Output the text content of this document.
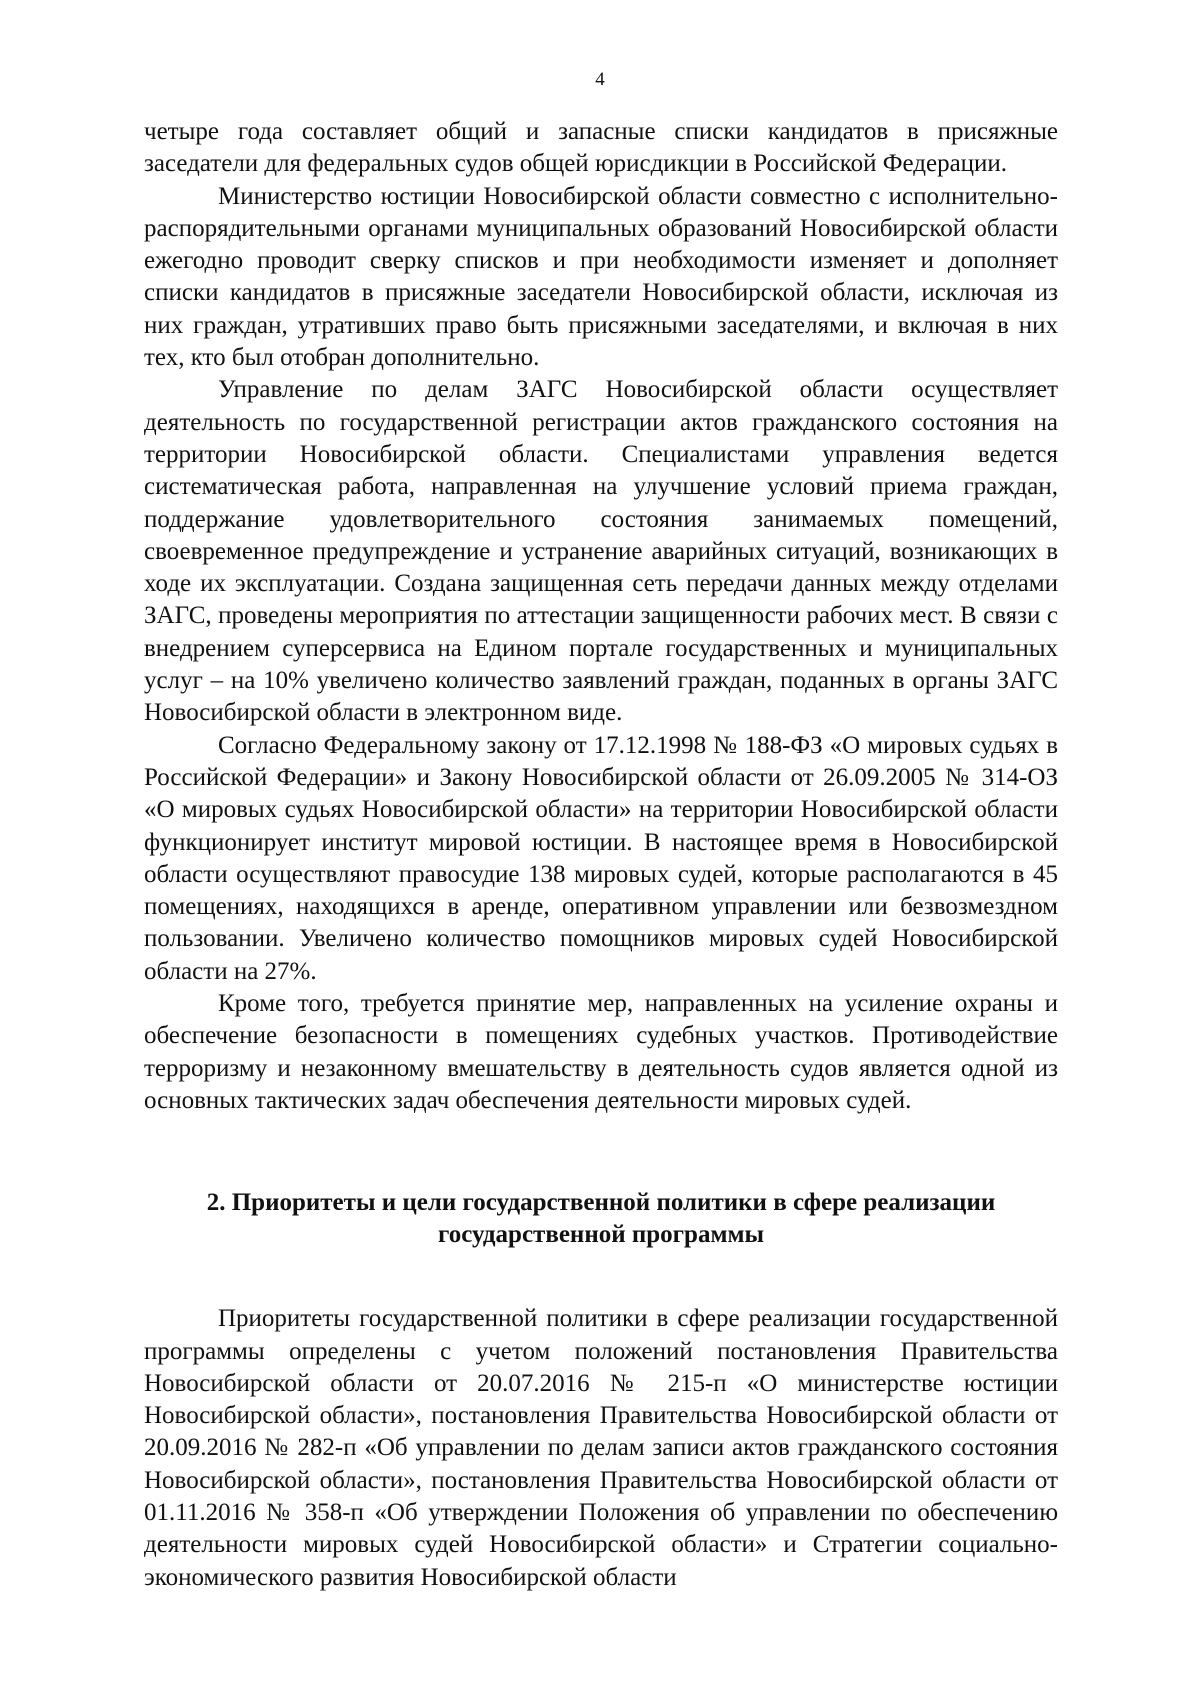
4

четыре года составляет общий и запасные списки кандидатов в присяжные заседатели для федеральных судов общей юрисдикции в Российской Федерации.

Министерство юстиции Новосибирской области совместно с исполнительно-распорядительными органами муниципальных образований Новосибирской области ежегодно проводит сверку списков и при необходимости изменяет и дополняет списки кандидатов в присяжные заседатели Новосибирской области, исключая из них граждан, утративших право быть присяжными заседателями, и включая в них тех, кто был отобран дополнительно.

Управление по делам ЗАГС Новосибирской области осуществляет деятельность по государственной регистрации актов гражданского состояния на территории Новосибирской области. Специалистами управления ведется систематическая работа, направленная на улучшение условий приема граждан, поддержание удовлетворительного состояния занимаемых помещений, своевременное предупреждение и устранение аварийных ситуаций, возникающих в ходе их эксплуатации. Создана защищенная сеть передачи данных между отделами ЗАГС, проведены мероприятия по аттестации защищенности рабочих мест. В связи с внедрением суперсервиса на Едином портале государственных и муниципальных услуг – на 10% увеличено количество заявлений граждан, поданных в органы ЗАГС Новосибирской области в электронном виде.

Согласно Федеральному закону от 17.12.1998 № 188-ФЗ «О мировых судьях в Российской Федерации» и Закону Новосибирской области от 26.09.2005 № 314-ОЗ «О мировых судьях Новосибирской области» на территории Новосибирской области функционирует институт мировой юстиции. В настоящее время в Новосибирской области осуществляют правосудие 138 мировых судей, которые располагаются в 45 помещениях, находящихся в аренде, оперативном управлении или безвозмездном пользовании. Увеличено количество помощников мировых судей Новосибирской области на 27%.

Кроме того, требуется принятие мер, направленных на усиление охраны и обеспечение безопасности в помещениях судебных участков. Противодействие терроризму и незаконному вмешательству в деятельность судов является одной из основных тактических задач обеспечения деятельности мировых судей.

2. Приоритеты и цели государственной политики в сфере реализации
государственной программы

Приоритеты государственной политики в сфере реализации государственной программы определены с учетом положений постановления Правительства Новосибирской области от 20.07.2016 № 215-п «О министерстве юстиции Новосибирской области», постановления Правительства Новосибирской области от 20.09.2016 № 282-п «Об управлении по делам записи актов гражданского состояния Новосибирской области», постановления Правительства Новосибирской области от 01.11.2016 № 358-п «Об утверждении Положения об управлении по обеспечению деятельности мировых судей Новосибирской области» и Стратегии социально-экономического развития Новосибирской области
